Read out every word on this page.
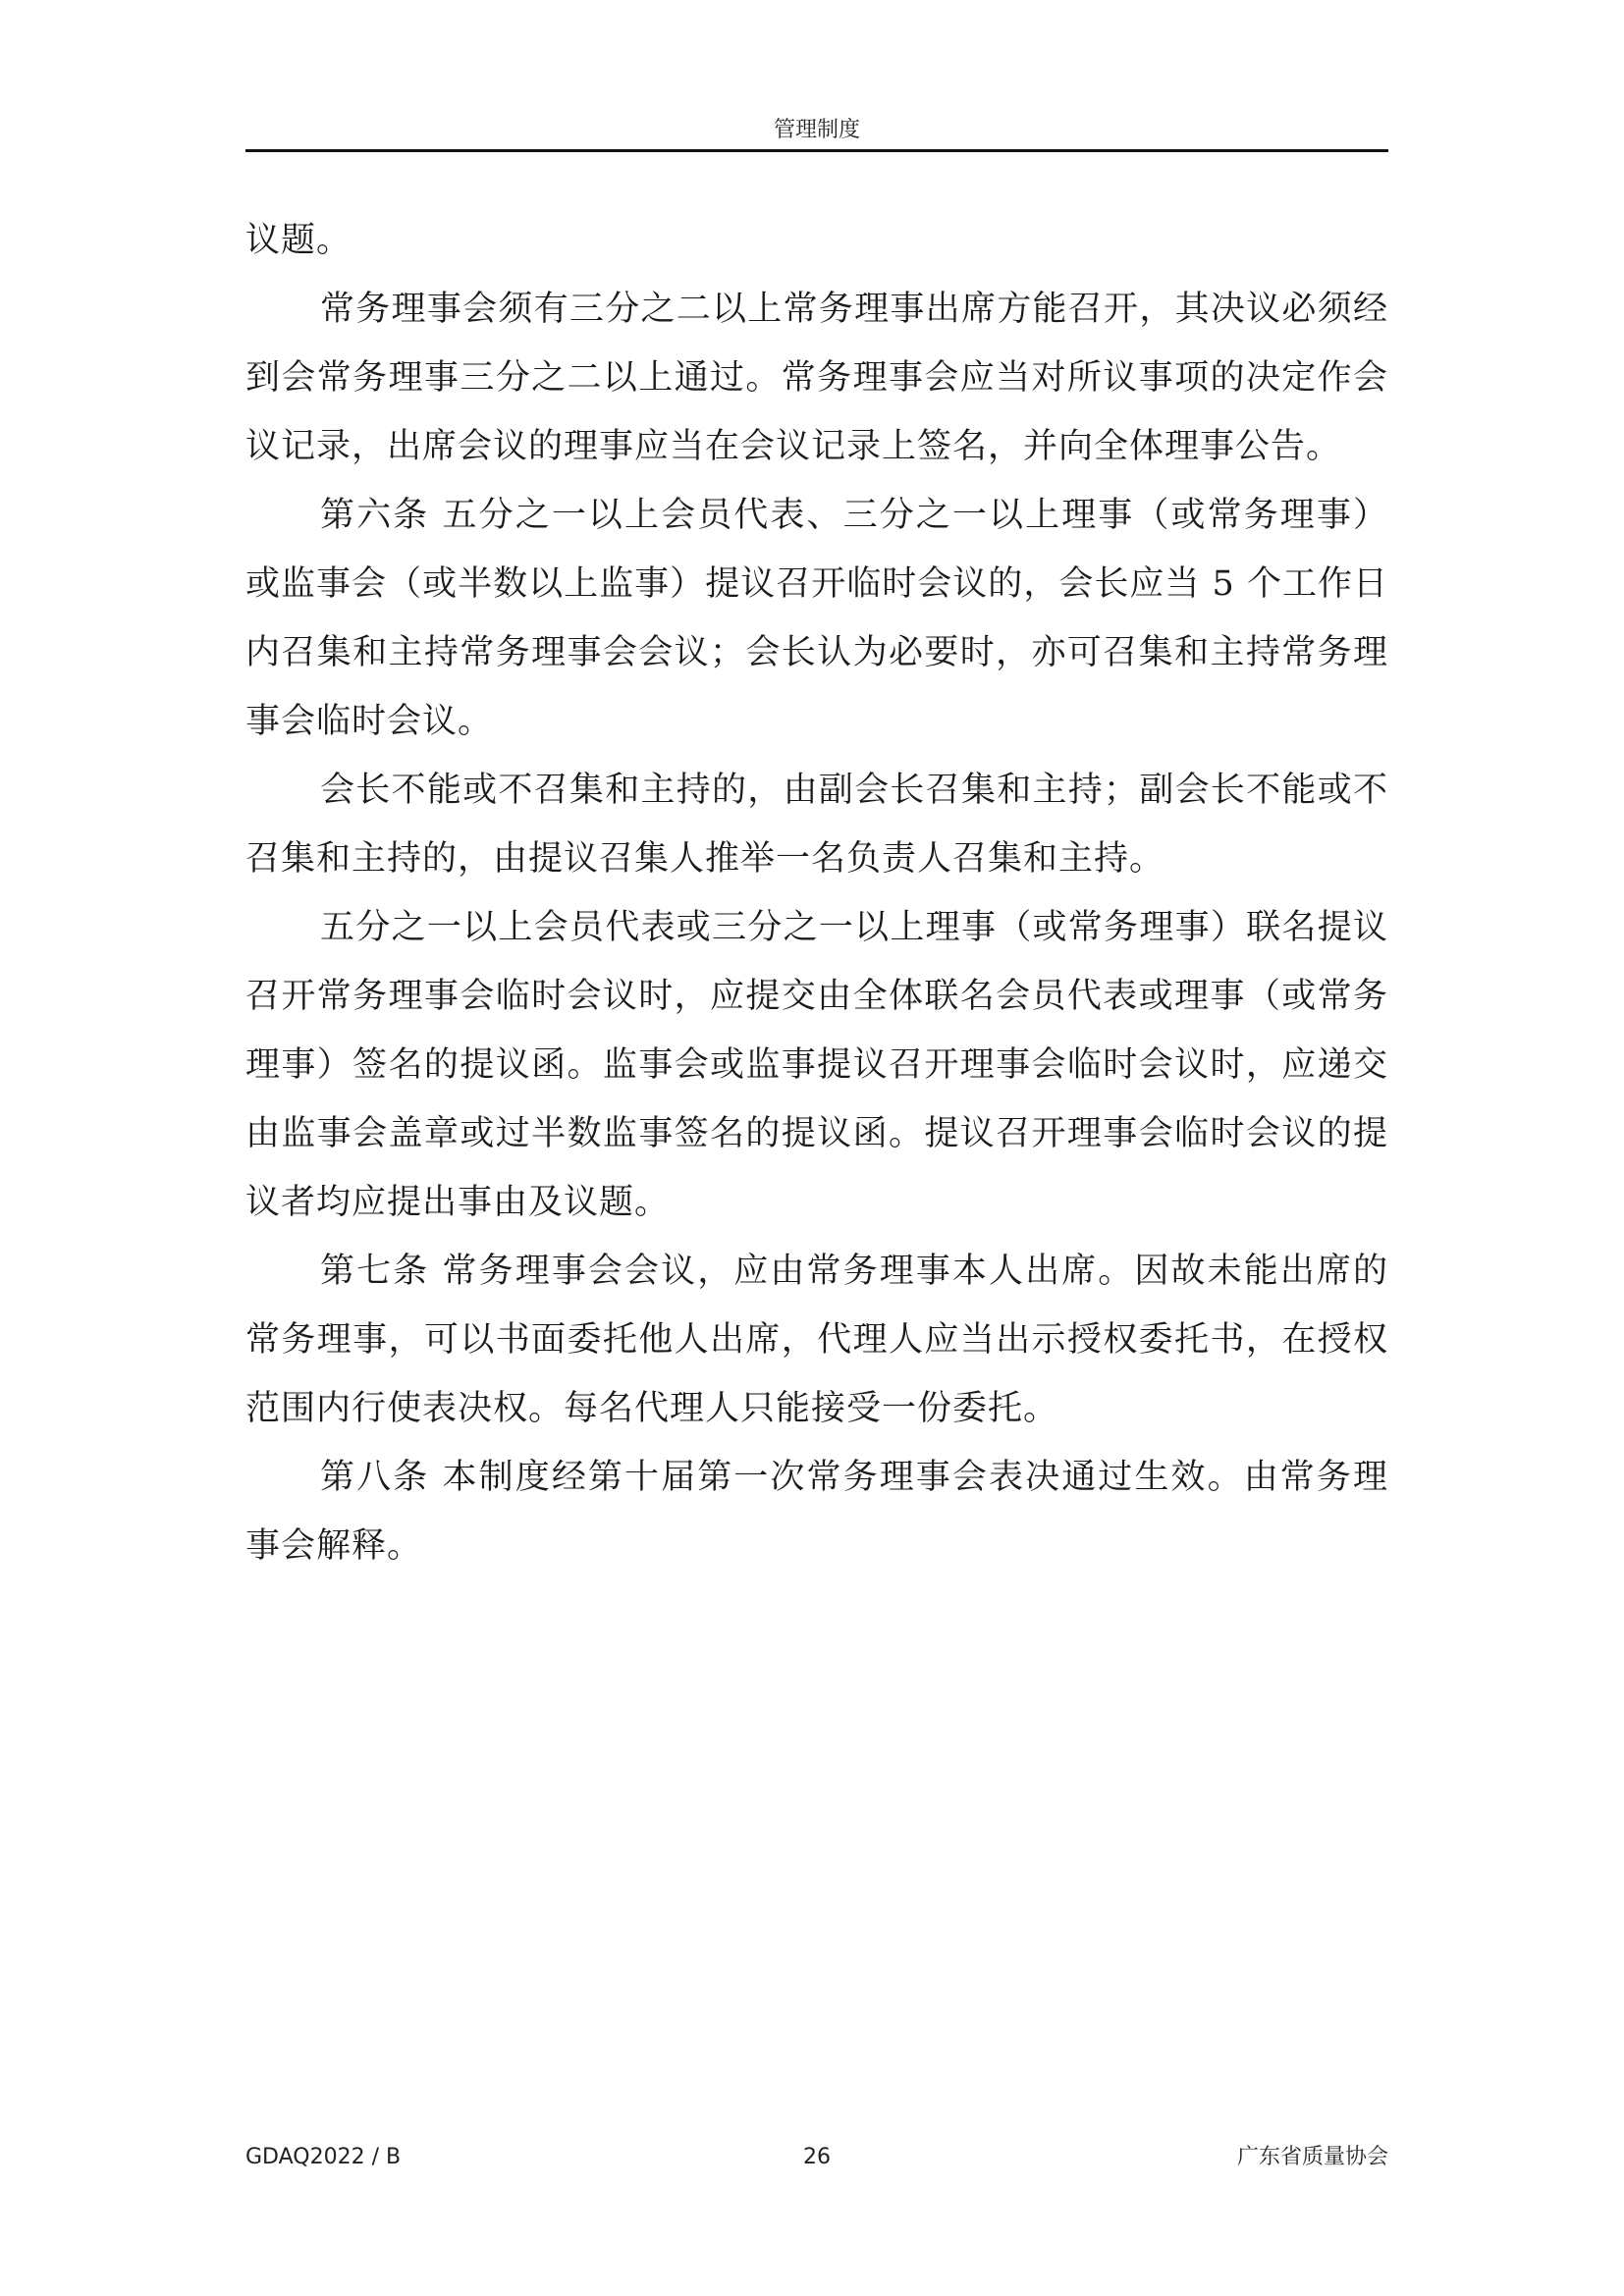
管理制度

议题。

常务理事会须有三分之二以上常务理事出席方能召开，其决议必须经到会常务理事三分之二以上通过。常务理事会应当对所议事项的决定作会议记录，出席会议的理事应当在会议记录上签名，并向全体理事公告。

第六条 五分之一以上会员代表、三分之一以上理事（或常务理事）或监事会（或半数以上监事）提议召开临时会议的，会长应当 5 个工作日内召集和主持常务理事会会议；会长认为必要时，亦可召集和主持常务理事会临时会议。

会长不能或不召集和主持的，由副会长召集和主持；副会长不能或不召集和主持的，由提议召集人推举一名负责人召集和主持。

五分之一以上会员代表或三分之一以上理事（或常务理事）联名提议召开常务理事会临时会议时，应提交由全体联名会员代表或理事（或常务理事）签名的提议函。监事会或监事提议召开理事会临时会议时，应递交由监事会盖章或过半数监事签名的提议函。提议召开理事会临时会议的提议者均应提出事由及议题。

第七条 常务理事会会议，应由常务理事本人出席。因故未能出席的常务理事，可以书面委托他人出席，代理人应当出示授权委托书，在授权范围内行使表决权。每名代理人只能接受一份委托。

第八条 本制度经第十届第一次常务理事会表决通过生效。由常务理事会解释。

GDAQ2022 / B	26	广东省质量协会
